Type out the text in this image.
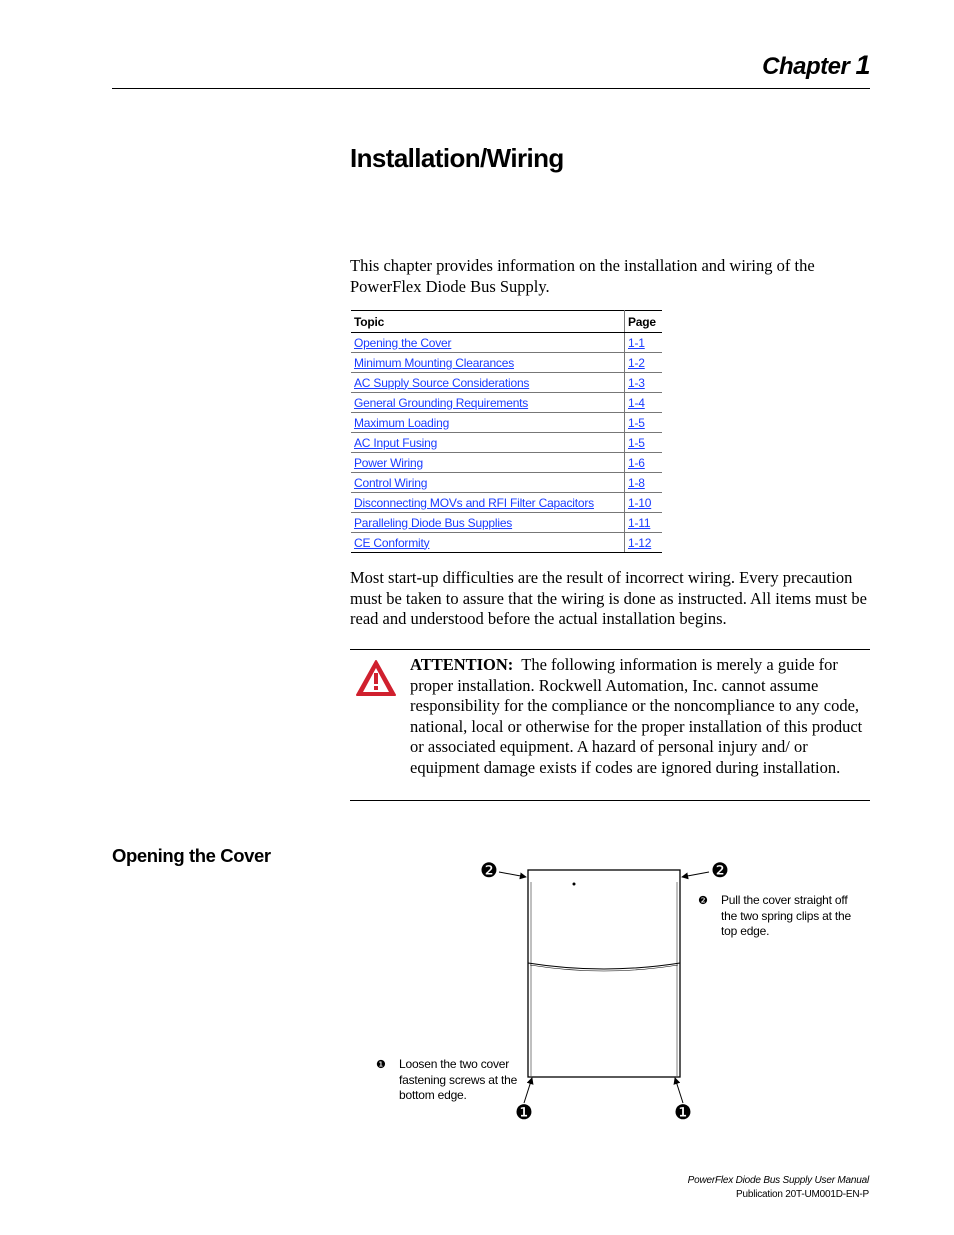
Chapter 1
Installation/Wiring

This chapter provides information on the installation and wiring of the PowerFlex Diode Bus Supply.

Topic	Page
Opening the Cover	1-1
Minimum Mounting Clearances	1-2
AC Supply Source Considerations	1-3
General Grounding Requirements	1-4
Maximum Loading	1-5
AC Input Fusing	1-5
Power Wiring	1-6
Control Wiring	1-8
Disconnecting MOVs and RFI Filter Capacitors	1-10
Paralleling Diode Bus Supplies	1-11
CE Conformity	1-12

Most start-up difficulties are the result of incorrect wiring. Every precaution must be taken to assure that the wiring is done as instructed. All items must be read and understood before the actual installation begins.

ATTENTION: The following information is merely a guide for proper installation. Rockwell Automation, Inc. cannot assume responsibility for the compliance or the noncompliance to any code, national, local or otherwise for the proper installation of this product or associated equipment. A hazard of personal injury and/ or equipment damage exists if codes are ignored during installation.

Opening the Cover
❷	❷
❶	❶
❷ Pull the cover straight off the two spring clips at the top edge.
❶ Loosen the two cover fastening screws at the bottom edge.
PowerFlex Diode Bus Supply User Manual
Publication 20T-UM001D-EN-P
